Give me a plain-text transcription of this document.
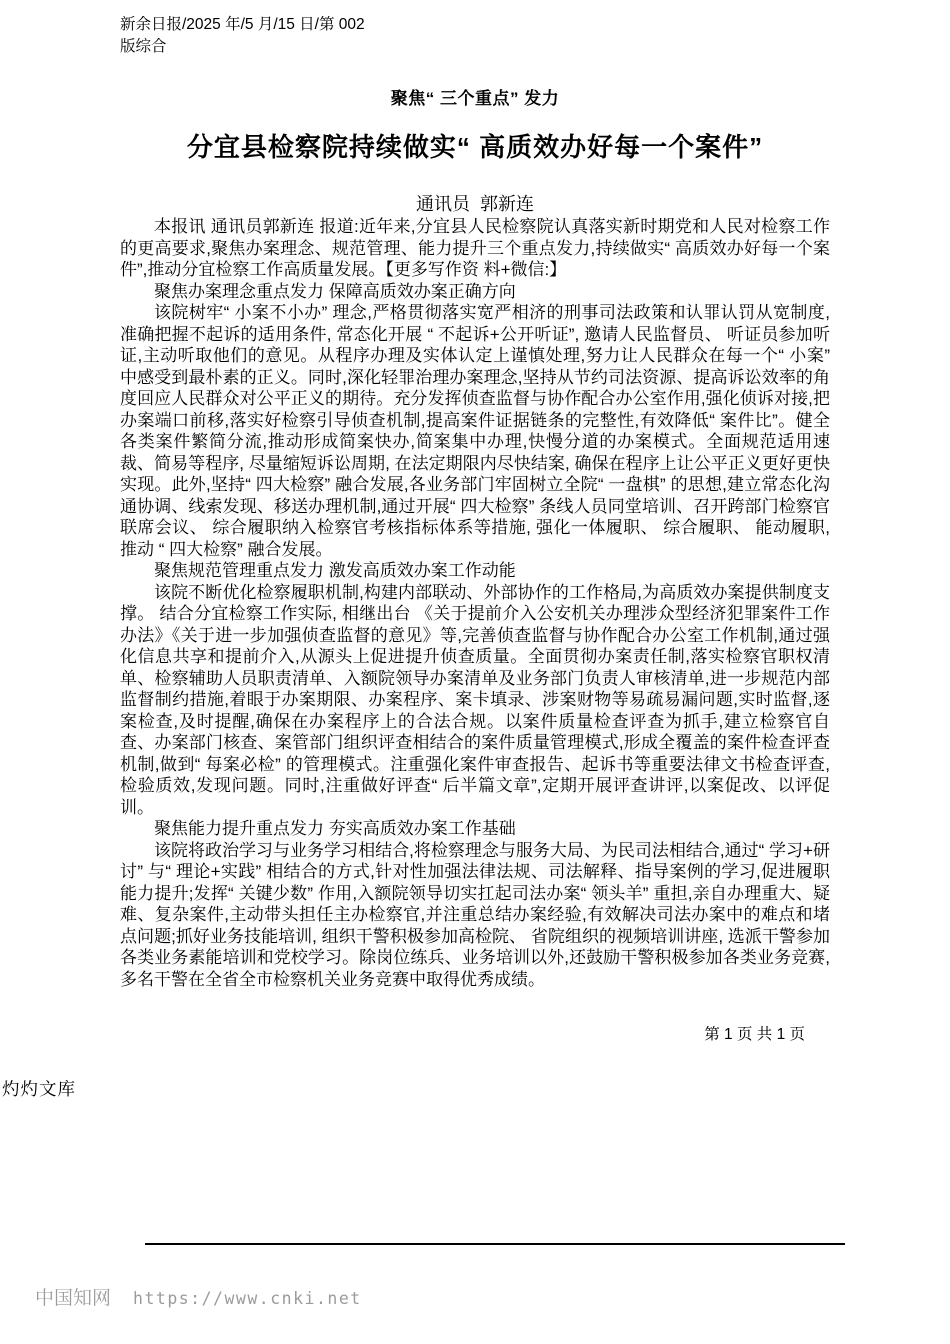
新余日报/2025 年/5 月/15 日/第 002
版综合
聚焦“ 三个重点” 发力
分宜县检察院持续做实“ 高质效办好每一个案件”
通讯员  郭新连

本报讯 通讯员郭新连 报道:近年来,分宜县人民检察院认真落实新时期党和人民对检察工作的更高要求,聚焦办案理念、规范管理、能力提升三个重点发力,持续做实“ 高质效办好每一个案件”,推动分宜检察工作高质量发展。【更多写作资 料+微信:】

聚焦办案理念重点发力 保障高质效办案正确方向

该院树牢“ 小案不小办” 理念,严格贯彻落实宽严相济的刑事司法政策和认罪认罚从宽制度,准确把握不起诉的适用条件, 常态化开展 “ 不起诉+公开听证”, 邀请人民监督员、 听证员参加听证,主动听取他们的意见。从程序办理及实体认定上谨慎处理,努力让人民群众在每一个“ 小案” 中感受到最朴素的正义。同时,深化轻罪治理办案理念,坚持从节约司法资源、提高诉讼效率的角度回应人民群众对公平正义的期待。充分发挥侦查监督与协作配合办公室作用,强化侦诉对接,把办案端口前移,落实好检察引导侦查机制,提高案件证据链条的完整性,有效降低“ 案件比”。健全各类案件繁简分流,推动形成简案快办,简案集中办理,快慢分道的办案模式。全面规范适用速裁、简易等程序, 尽量缩短诉讼周期, 在法定期限内尽快结案, 确保在程序上让公平正义更好更快实现。此外,坚持“ 四大检察” 融合发展,各业务部门牢固树立全院“ 一盘棋” 的思想,建立常态化沟通协调、线索发现、移送办理机制,通过开展“ 四大检察” 条线人员同堂培训、召开跨部门检察官联席会议、 综合履职纳入检察官考核指标体系等措施, 强化一体履职、 综合履职、 能动履职, 推动 “ 四大检察” 融合发展。

聚焦规范管理重点发力 激发高质效办案工作动能

该院不断优化检察履职机制,构建内部联动、外部协作的工作格局,为高质效办案提供制度支撑。 结合分宜检察工作实际, 相继出台 《关于提前介入公安机关办理涉众型经济犯罪案件工作办法》《关于进一步加强侦查监督的意见》等,完善侦查监督与协作配合办公室工作机制,通过强化信息共享和提前介入,从源头上促进提升侦查质量。全面贯彻办案责任制,落实检察官职权清单、检察辅助人员职责清单、入额院领导办案清单及业务部门负责人审核清单,进一步规范内部监督制约措施,着眼于办案期限、办案程序、案卡填录、涉案财物等易疏易漏问题,实时监督,逐案检查,及时提醒,确保在办案程序上的合法合规。以案件质量检查评查为抓手,建立检察官自查、办案部门核查、案管部门组织评查相结合的案件质量管理模式,形成全覆盖的案件检查评查机制,做到“ 每案必检” 的管理模式。注重强化案件审查报告、起诉书等重要法律文书检查评查,检验质效,发现问题。同时,注重做好评查“ 后半篇文章”,定期开展评查讲评,以案促改、以评促训。

聚焦能力提升重点发力 夯实高质效办案工作基础

该院将政治学习与业务学习相结合,将检察理念与服务大局、为民司法相结合,通过“ 学习+研讨” 与“ 理论+实践” 相结合的方式,针对性加强法律法规、司法解释、指导案例的学习,促进履职能力提升;发挥“ 关键少数” 作用,入额院领导切实扛起司法办案“ 领头羊” 重担,亲自办理重大、疑难、复杂案件,主动带头担任主办检察官,并注重总结办案经验,有效解决司法办案中的难点和堵点问题;抓好业务技能培训, 组织干警积极参加高检院、 省院组织的视频培训讲座, 选派干警参加各类业务素能培训和党校学习。除岗位练兵、业务培训以外,还鼓励干警积极参加各类业务竞赛,多名干警在全省全市检察机关业务竞赛中取得优秀成绩。

第 1 页 共 1 页
灼灼文库
中国知网 https://www.cnki.net
